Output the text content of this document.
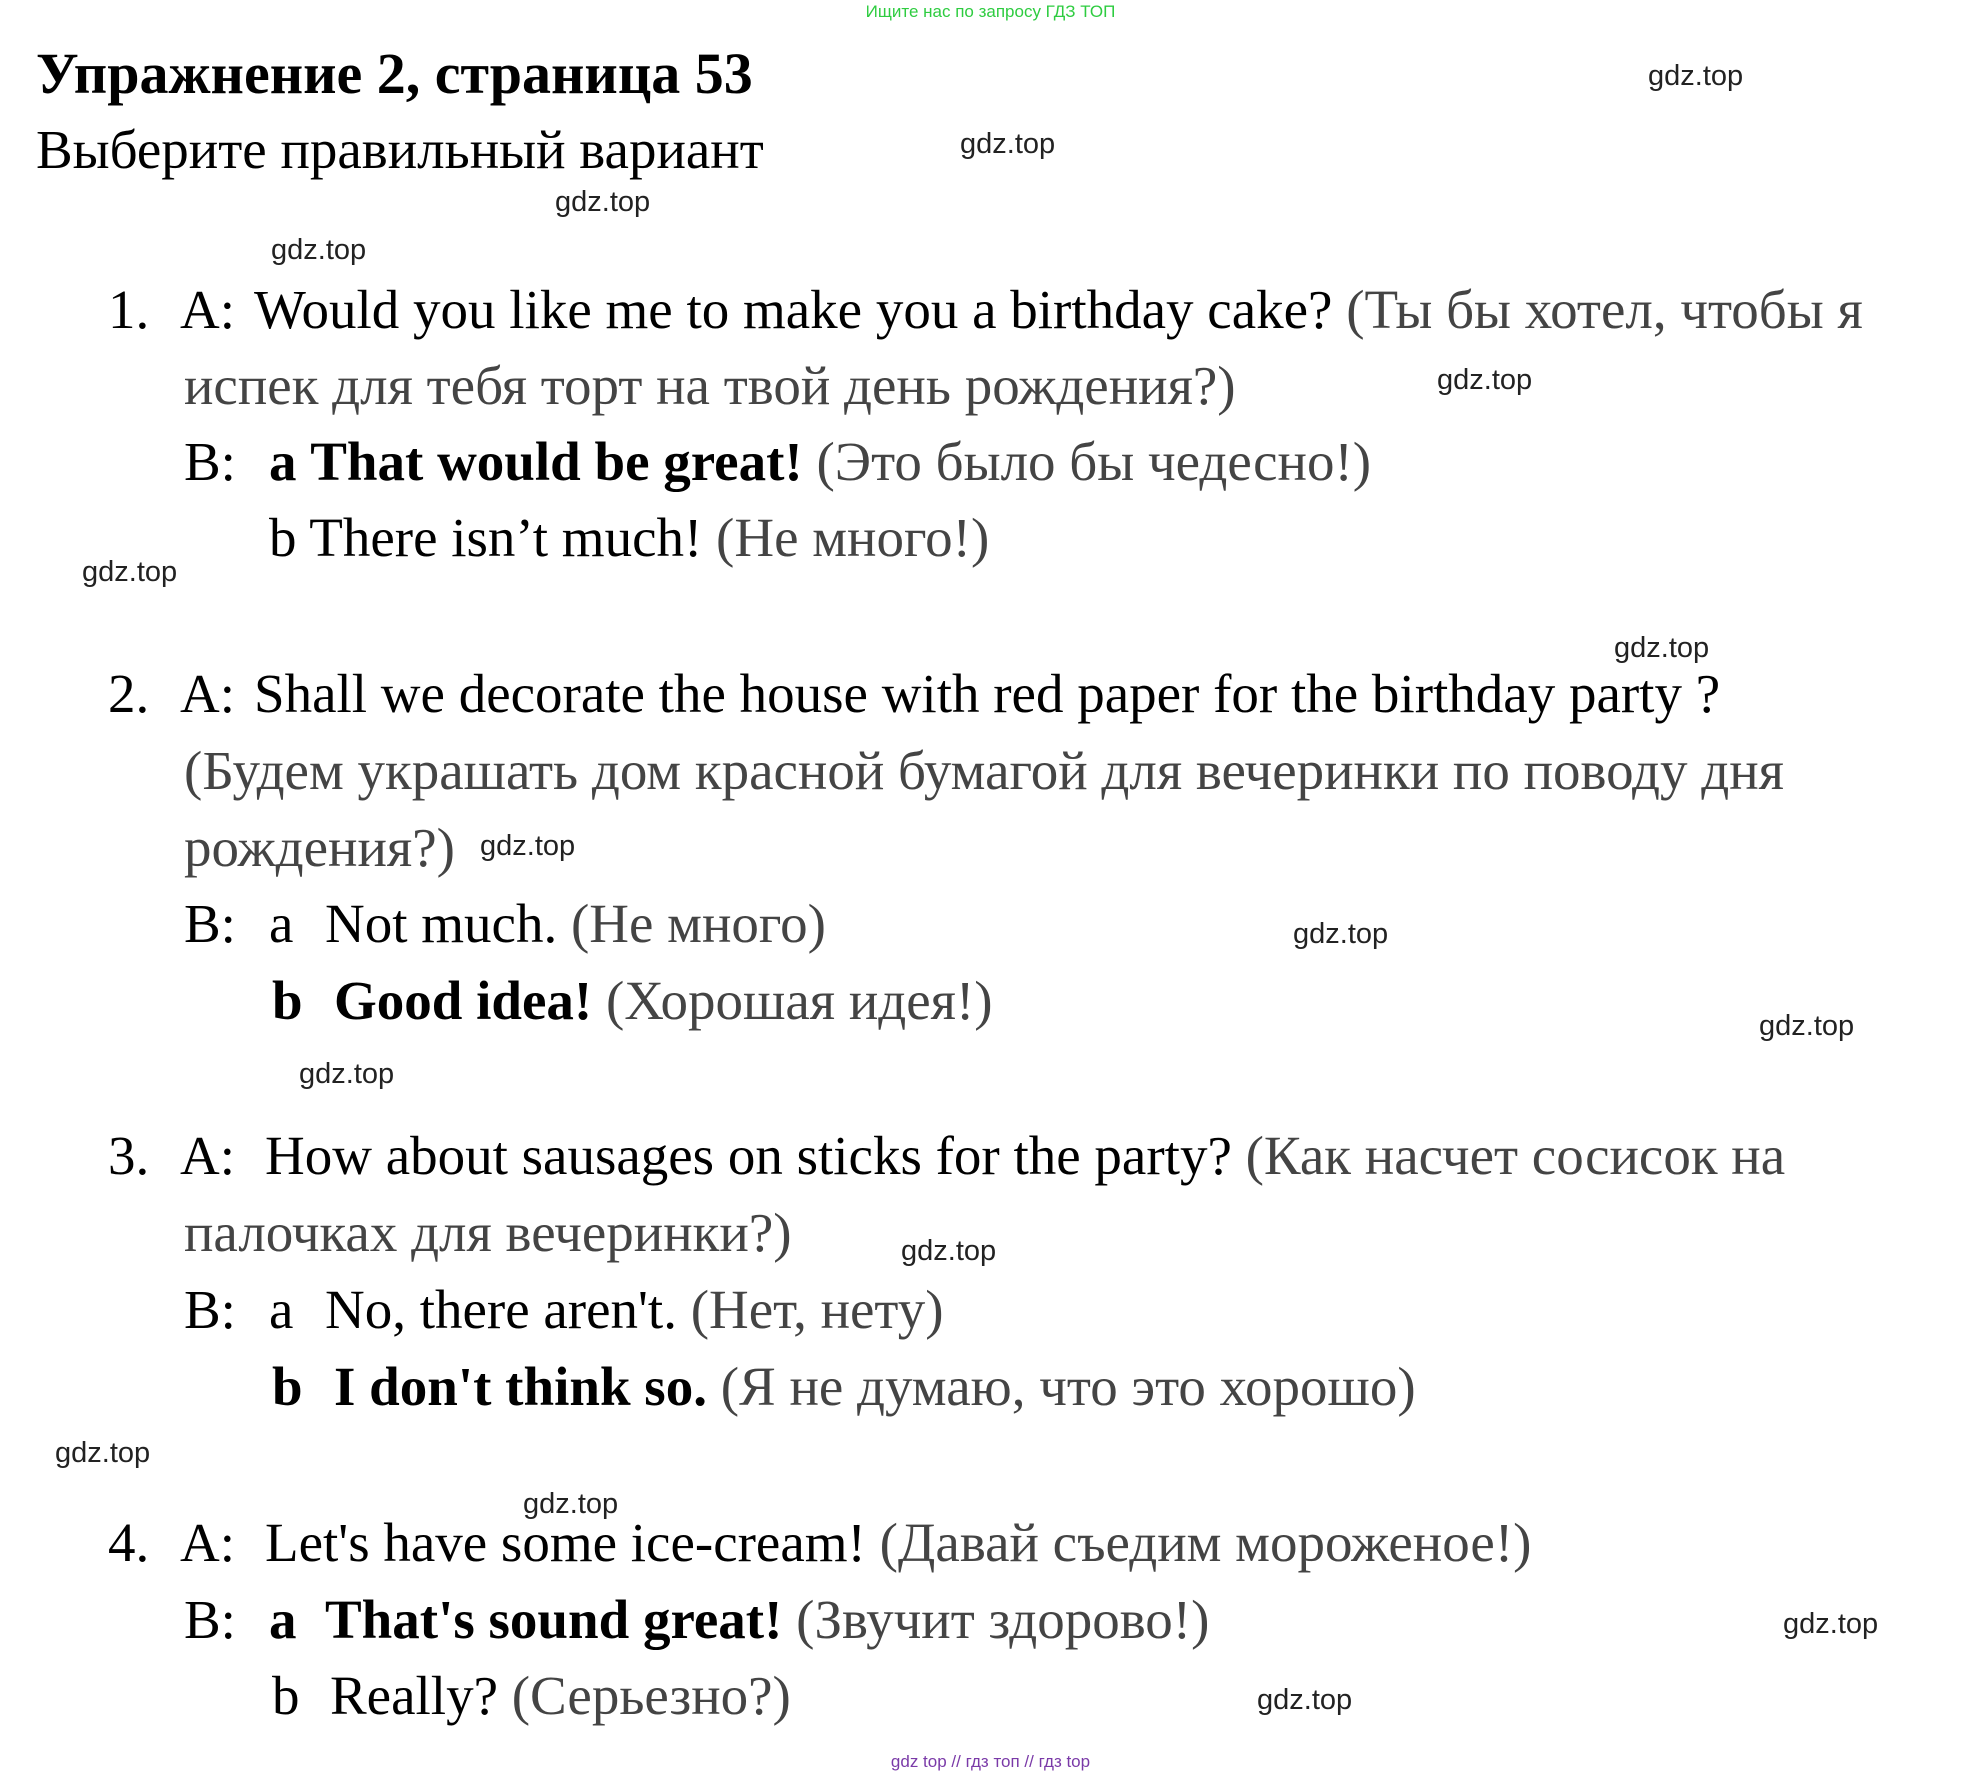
Ищите нас по запросу ГДЗ ТОП
Упражнение 2, страница 53
Выберите правильный вариант
1. A: Would you like me to make you a birthday cake? (Ты бы хотел, чтобы я
испек для тебя торт на твой день рождения?)
B: a That would be great! (Это было бы чедесно!)
b There isn’t much! (Не много!)
2. A: Shall we decorate the house with red paper for the birthday party ?
(Будем украшать дом красной бумагой для вечеринки по поводу дня
рождения?)
B: a Not much. (Не много)
b Good idea! (Хорошая идея!)
3. A: How about sausages on sticks for the party? (Как насчет сосисок на
палочках для вечеринки?)
B: a No, there aren't. (Нет, нету)
b I don't think so. (Я не думаю, что это хорошо)
4. A: Let's have some ice-cream! (Давай съедим мороженое!)
B: a That's sound great! (Звучит здорово!)
b Really? (Серьезно?)
gdz.top
gdz.top
gdz.top
gdz.top
gdz.top
gdz.top
gdz.top
gdz.top
gdz.top
gdz.top
gdz.top
gdz.top
gdz.top
gdz.top
gdz.top
gdz.top
gdz top // гдз топ // гдз top
